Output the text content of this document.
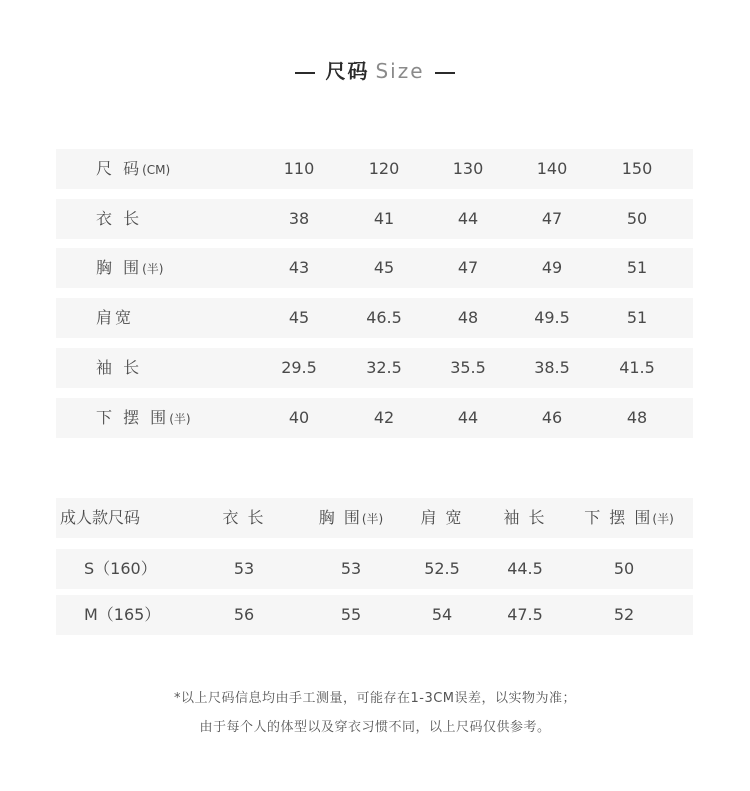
尺码 Size
尺 码(CM)	110	120	130	140	150
衣 长	38	41	44	47	50
胸 围(半)	43	45	47	49	51
肩宽	45	46.5	48	49.5	51
袖 长	29.5	32.5	35.5	38.5	41.5
下 摆 围(半)	40	42	44	46	48
成人款尺码	衣 长	胸 围(半)	肩 宽	袖 长	下 摆 围(半)
S（160）	53	53	52.5	44.5	50
M（165）	56	55	54	47.5	52
*以上尺码信息均由手工测量，可能存在1-3CM误差，以实物为准；
由于每个人的体型以及穿衣习惯不同，以上尺码仅供参考。
